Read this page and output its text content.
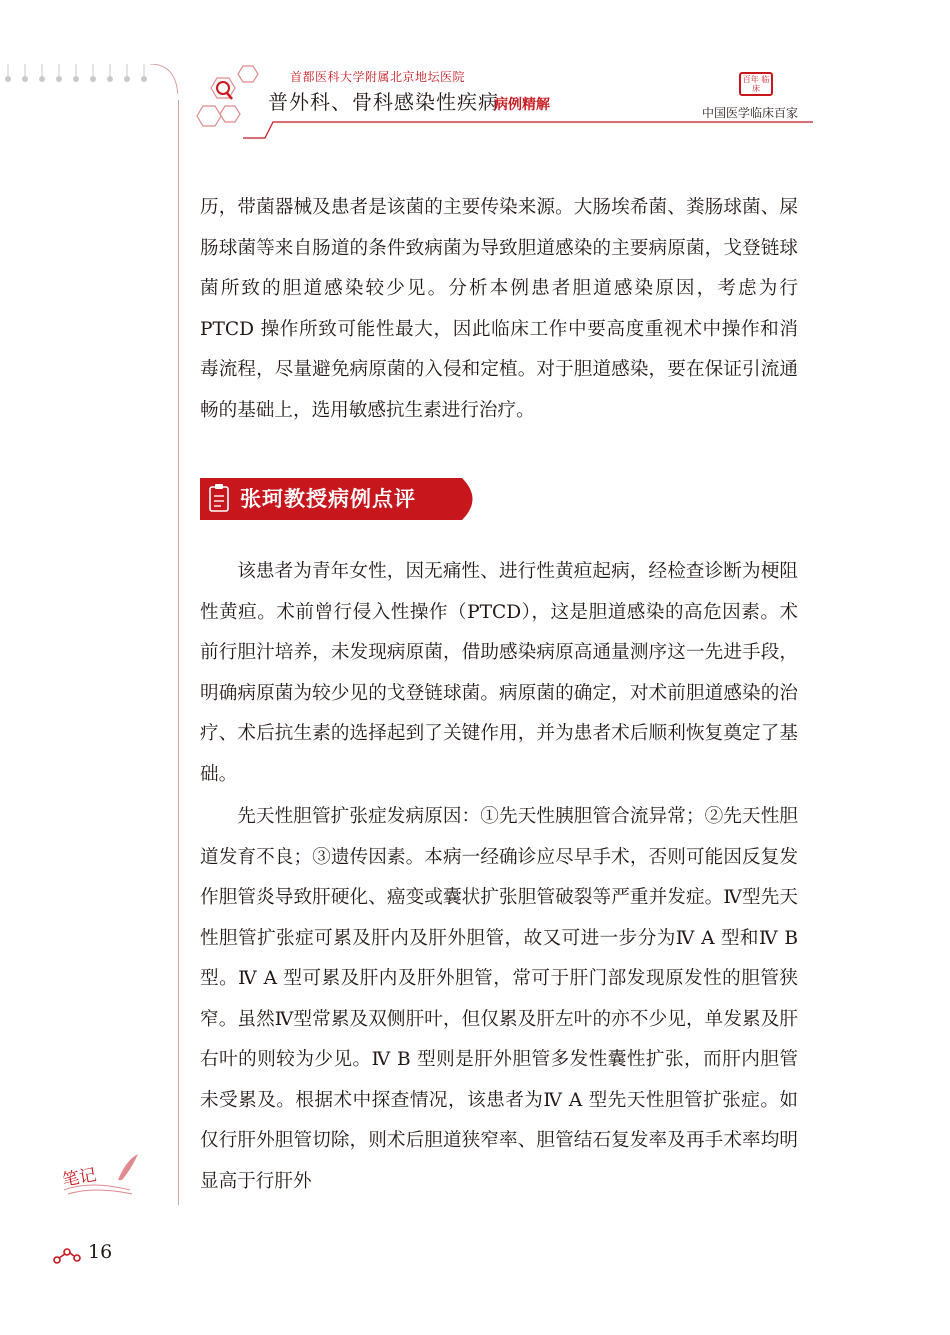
首都医科大学附属北京地坛医院
普外科、骨科感染性疾病
病例精解
百年 临床
中国医学临床百家

历，带菌器械及患者是该菌的主要传染来源。大肠埃希菌、粪肠球菌、屎肠球菌等来自肠道的条件致病菌为导致胆道感染的主要病原菌，戈登链球菌所致的胆道感染较少见。分析本例患者胆道感染原因，考虑为行 PTCD 操作所致可能性最大，因此临床工作中要高度重视术中操作和消毒流程，尽量避免病原菌的入侵和定植。对于胆道感染，要在保证引流通畅的基础上，选用敏感抗生素进行治疗。

张珂教授病例点评

该患者为青年女性，因无痛性、进行性黄疸起病，经检查诊断为梗阻性黄疸。术前曾行侵入性操作（PTCD），这是胆道感染的高危因素。术前行胆汁培养，未发现病原菌，借助感染病原高通量测序这一先进手段，明确病原菌为较少见的戈登链球菌。病原菌的确定，对术前胆道感染的治疗、术后抗生素的选择起到了关键作用，并为患者术后顺利恢复奠定了基础。

先天性胆管扩张症发病原因：①先天性胰胆管合流异常；②先天性胆道发育不良；③遗传因素。本病一经确诊应尽早手术，否则可能因反复发作胆管炎导致肝硬化、癌变或囊状扩张胆管破裂等严重并发症。Ⅳ型先天性胆管扩张症可累及肝内及肝外胆管，故又可进一步分为Ⅳ A 型和Ⅳ B 型。Ⅳ A 型可累及肝内及肝外胆管，常可于肝门部发现原发性的胆管狭窄。虽然Ⅳ型常累及双侧肝叶，但仅累及肝左叶的亦不少见，单发累及肝右叶的则较为少见。Ⅳ B 型则是肝外胆管多发性囊性扩张，而肝内胆管未受累及。根据术中探查情况，该患者为Ⅳ A 型先天性胆管扩张症。如仅行肝外胆管切除，则术后胆道狭窄率、胆管结石复发率及再手术率均明显高于行肝外

笔记
16
